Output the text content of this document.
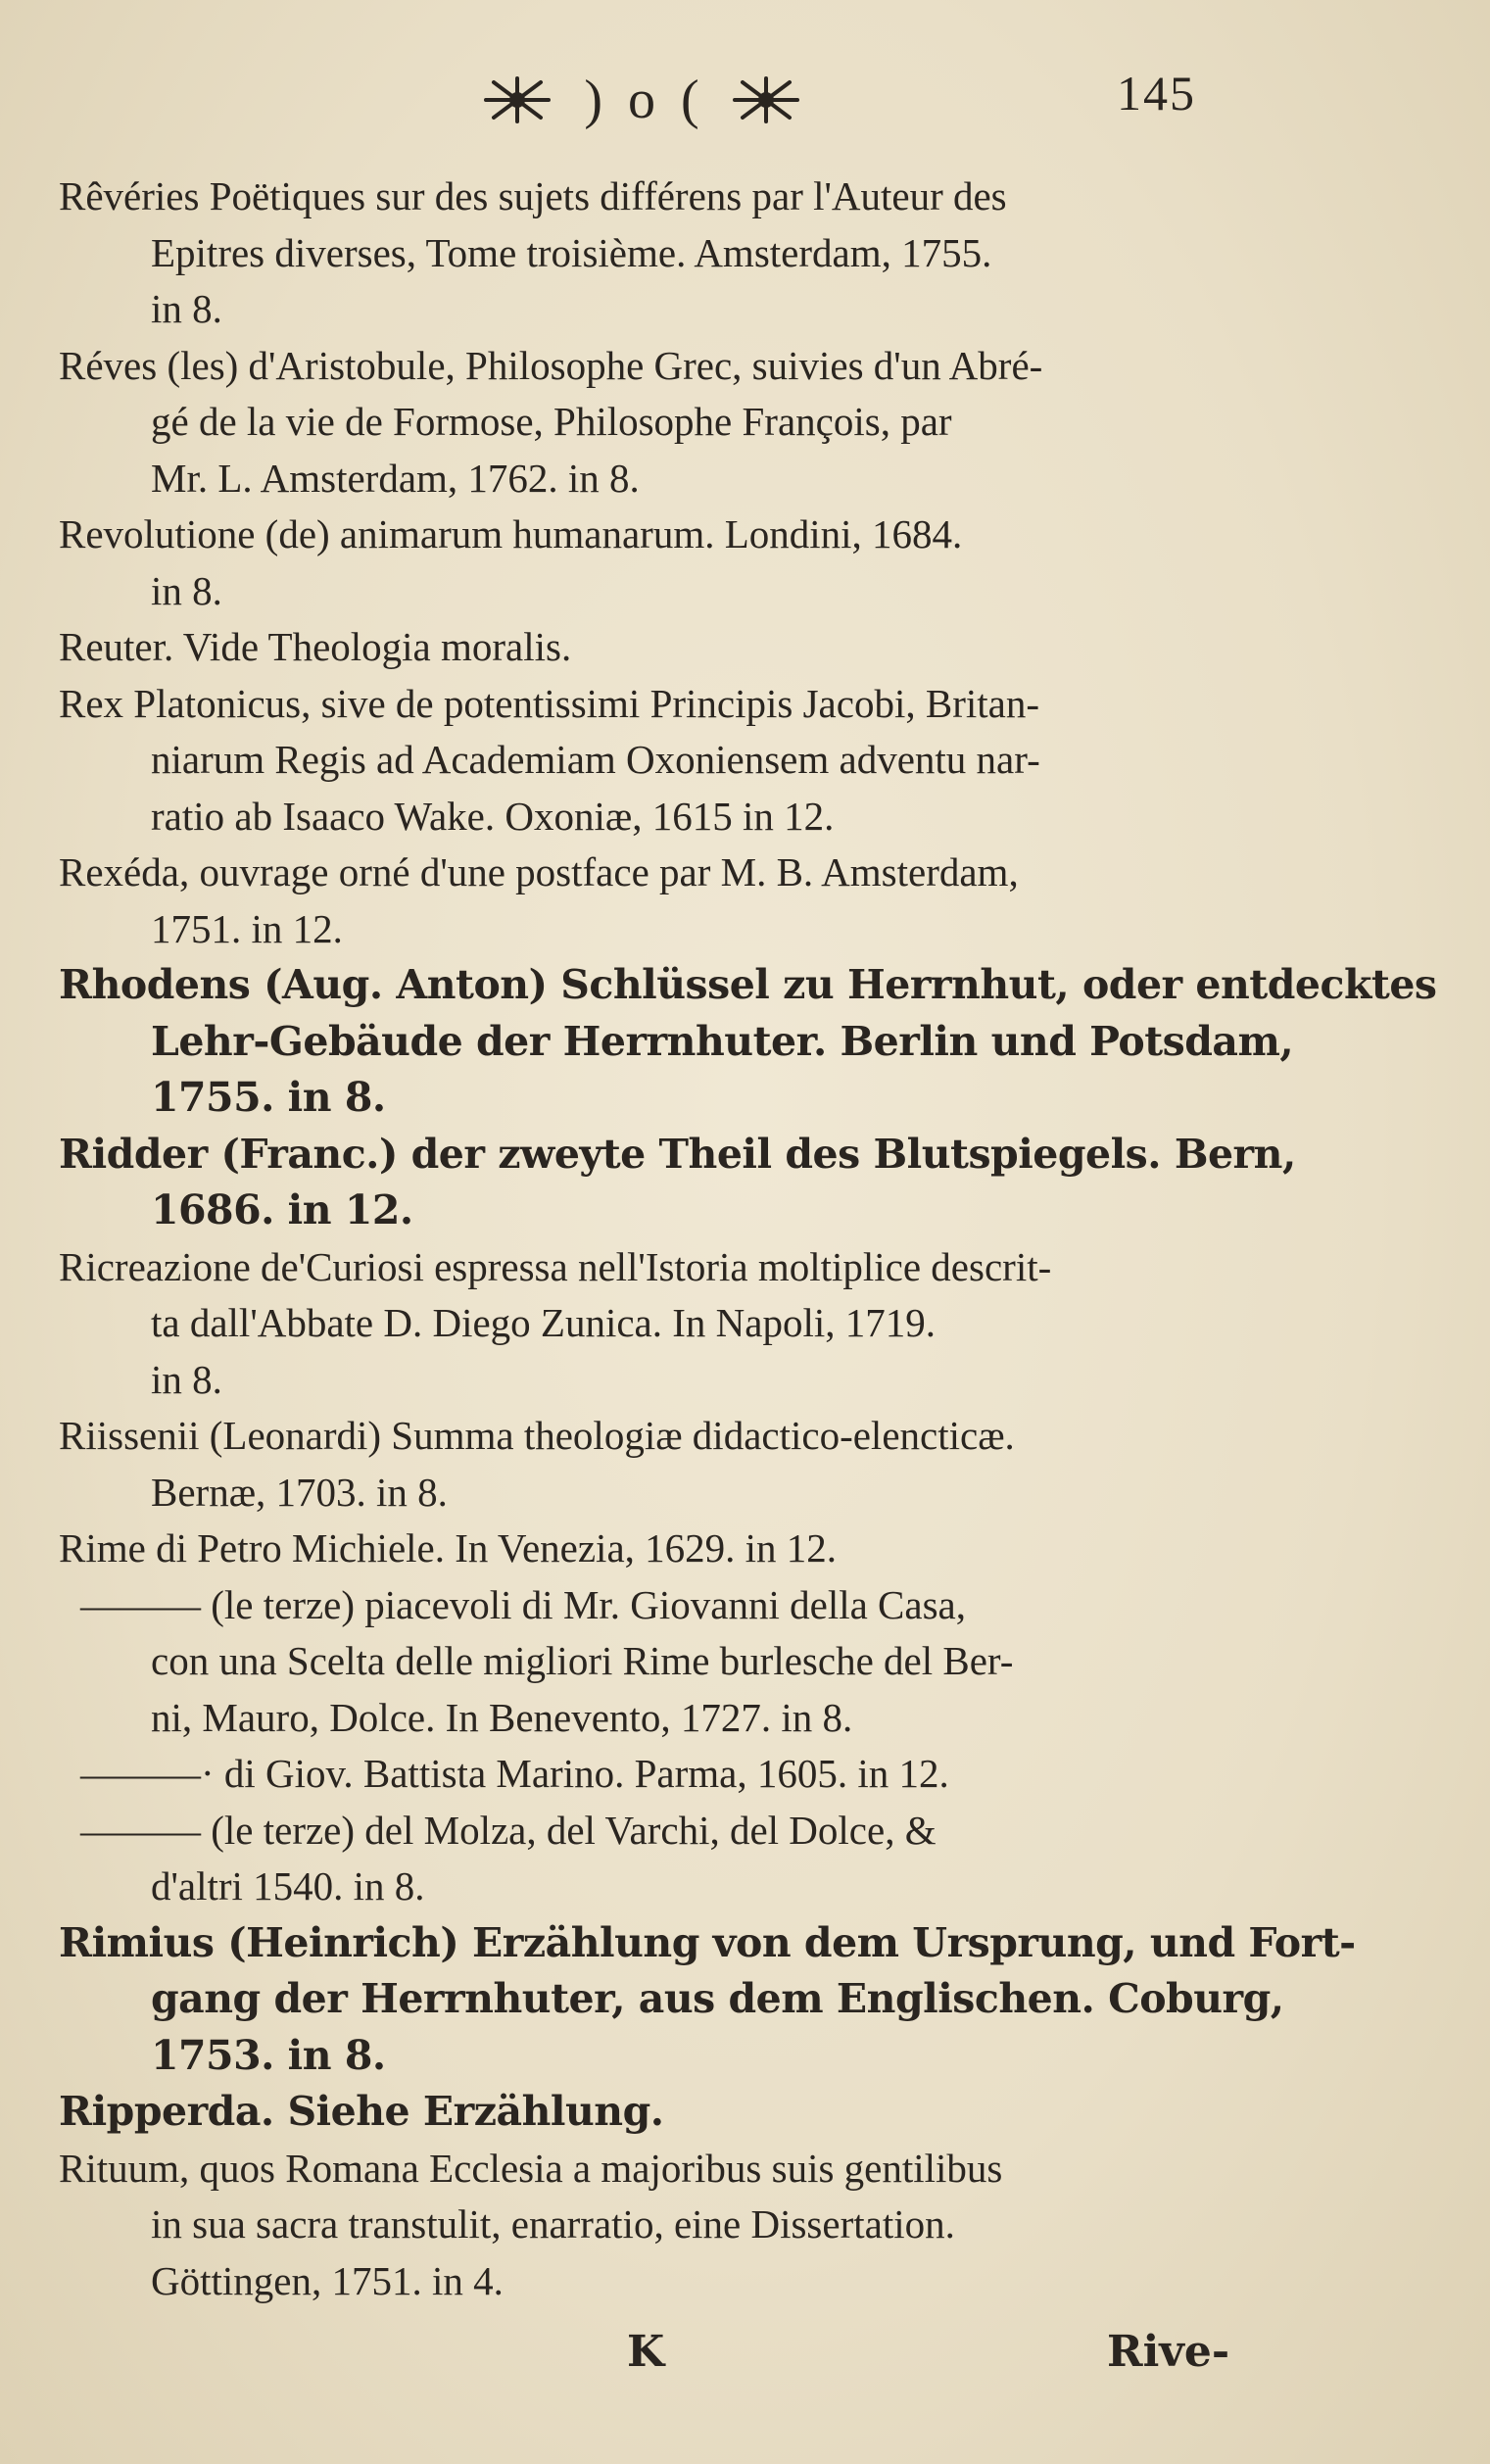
) o (	145
Rêvéries Poëtiques sur des sujets différens par l'Auteur des
Epitres diverses, Tome troisième. Amsterdam, 1755.
in 8.
Réves (les) d'Aristobule, Philosophe Grec, suivies d'un Abré-
gé de la vie de Formose, Philosophe François, par
Mr. L. Amsterdam, 1762. in 8.
Revolutione (de) animarum humanarum. Londini, 1684.
in 8.
Reuter. Vide Theologia moralis.
Rex Platonicus, sive de potentissimi Principis Jacobi, Britan-
niarum Regis ad Academiam Oxoniensem adventu nar-
ratio ab Isaaco Wake. Oxoniæ, 1615 in 12.
Rexéda, ouvrage orné d'une postface par M. B. Amsterdam,
1751. in 12.
Rhodens (Aug. Anton) Schlüssel zu Herrnhut, oder entdecktes
Lehr-Gebäude der Herrnhuter. Berlin und Potsdam,
1755. in 8.
Ridder (Franc.) der zweyte Theil des Blutspiegels. Bern,
1686. in 12.
Ricreazione de'Curiosi espressa nell'Istoria moltiplice descrit-
ta dall'Abbate D. Diego Zunica. In Napoli, 1719.
in 8.
Riissenii (Leonardi) Summa theologiæ didactico-elencticæ.
Bernæ, 1703. in 8.
Rime di Petro Michiele. In Venezia, 1629. in 12.
——— (le terze) piacevoli di Mr. Giovanni della Casa,
con una Scelta delle migliori Rime burlesche del Ber-
ni, Mauro, Dolce. In Benevento, 1727. in 8.
———· di Giov. Battista Marino. Parma, 1605. in 12.
——— (le terze) del Molza, del Varchi, del Dolce, &
d'altri 1540. in 8.
Rimius (Heinrich) Erzählung von dem Ursprung, und Fort-
gang der Herrnhuter, aus dem Englischen. Coburg,
1753. in 8.
Ripperda. Siehe Erzählung.
Rituum, quos Romana Ecclesia a majoribus suis gentilibus
in sua sacra transtulit, enarratio, eine Dissertation.
Göttingen, 1751. in 4.
K	Rive-
